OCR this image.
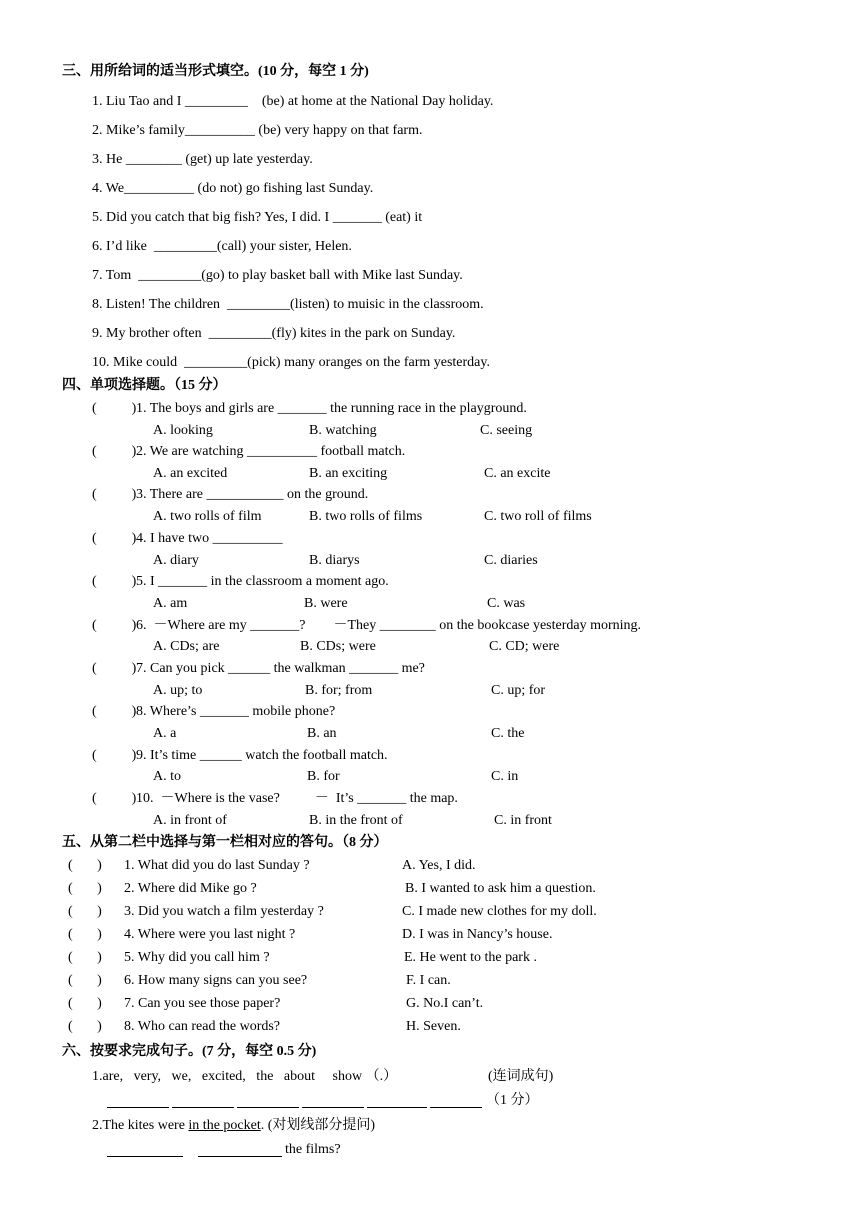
三、用所给词的适当形式填空。(10 分，每空 1 分)
1. Liu Tao and I _________    (be) at home at the National Day holiday.
2. Mike’s family__________ (be) very happy on that farm.
3. He ________ (get) up late yesterday.
4. We__________ (do not) go fishing last Sunday.
5. Did you catch that big fish? Yes, I did. I _______ (eat) it
6. I’d like  _________(call) your sister, Helen.
7. Tom  _________(go) to play basket ball with Mike last Sunday.
8. Listen! The children  _________(listen) to muisic in the classroom.
9. My brother often  _________(fly) kites in the park on Sunday.
10. Mike could  _________(pick) many oranges on the farm yesterday.
四、单项选择题。（15 分）
(          ) 1. The boys and girls are _______ the running race in the playground.
A. looking	B. watching	C. seeing
(          ) 2. We are watching __________ football match.
A. an excited	B. an exciting	C. an excite
(          ) 3. There are ___________ on the ground.
A. two rolls of film	B. two rolls of films	C. two roll of films
(          ) 4. I have two __________
A. diary	B. diarys	C. diaries
(          ) 5. I _______ in the classroom a moment ago.
A. am	B. were	C. was
(          ) 6.  －Where are my _______?        －They ________ on the bookcase yesterday morning.
A. CDs; are	B. CDs; were	C. CD; were
(          ) 7. Can you pick ______ the walkman _______ me?
A. up; to	B. for; from	C. up; for
(          ) 8. Where’s _______ mobile phone?
A. a	B. an	C. the
(          ) 9. It’s time ______ watch the football match.
A. to	B. for	C. in
(          ) 10.  －Where is the vase?          －  It’s _______ the map.
A. in front of	B. in the front of	C. in front
五、从第二栏中选择与第一栏相对应的答句。（8 分）
(       ) 1. What did you do last Sunday ?	A. Yes, I did.
(       ) 2. Where did Mike go ?	B. I wanted to ask him a question.
(       ) 3. Did you watch a film yesterday ?	C. I made new clothes for my doll.
(       ) 4. Where were you last night ?	D. I was in Nancy’s house.
(       ) 5. Why did you call him ?	E. He went to the park .
(       ) 6. How many signs can you see?	F. I can.
(       ) 7. Can you see those paper?	G. No.I can’t.
(       ) 8. Who can read the words?	H. Seven.
六、按要求完成句子。(7 分，每空 0.5 分)
1.are,   very,   we,   excited,   the   about     show （.）	(连词成句)
（1 分）
2.The kites were in the pocket. (对划线部分提问)
the films?
